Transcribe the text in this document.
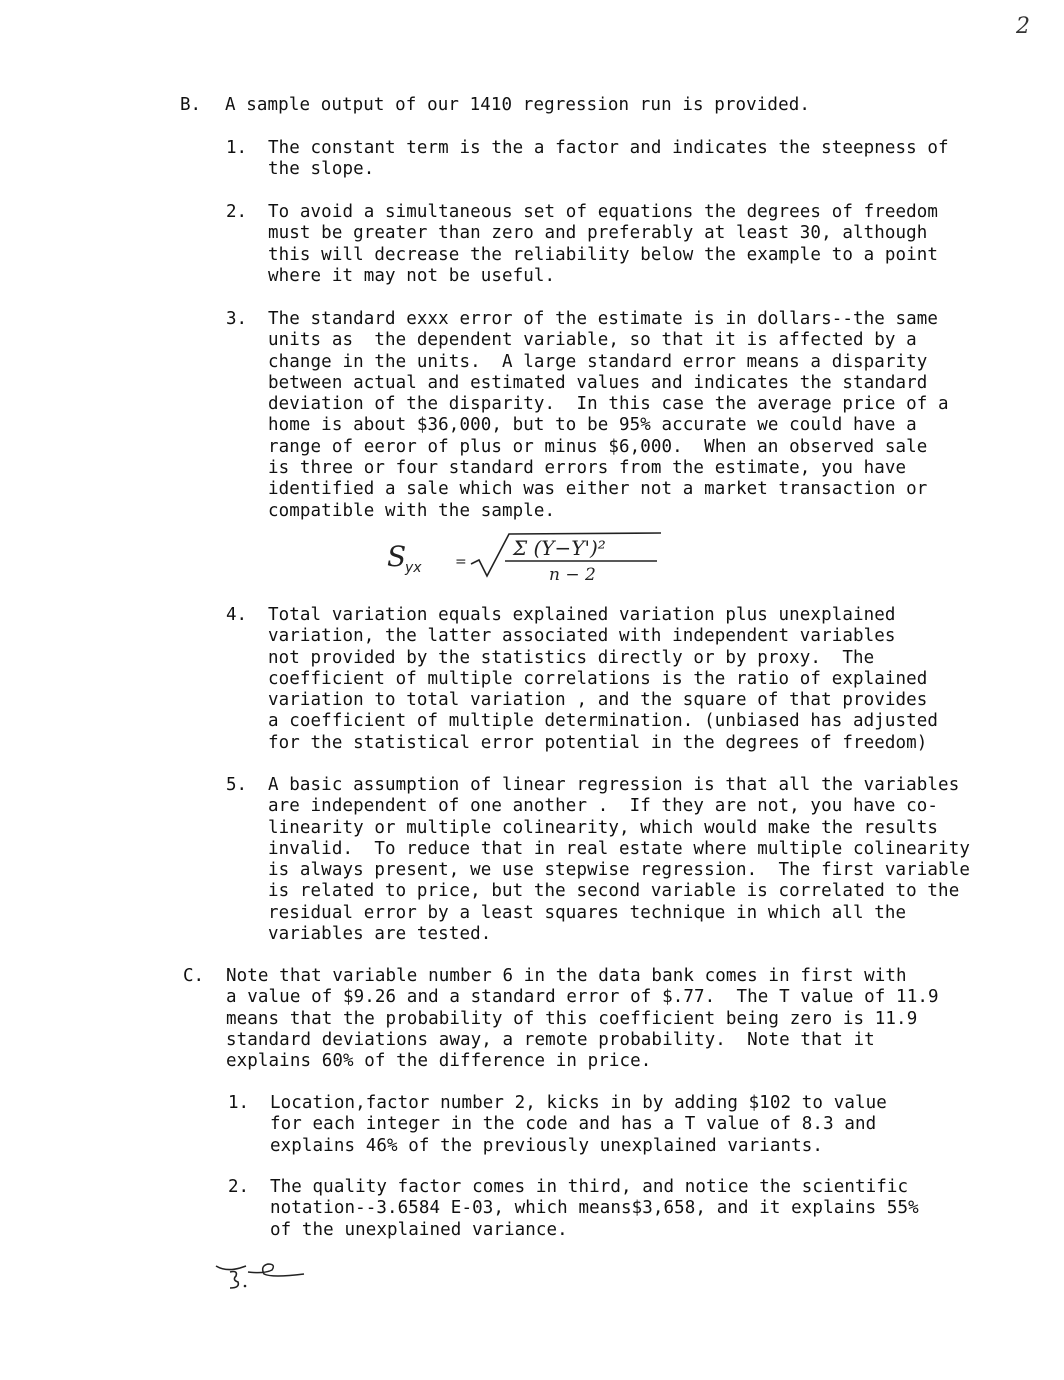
2
B. A sample output of our 1410 regression run is provided.
1. The constant term is the a factor and indicates the steepness of
the slope.
2. To avoid a simultaneous set of equations the degrees of freedom
must be greater than zero and preferably at least 30, although
this will decrease the reliability below the example to a point
where it may not be useful.
3. The standard exxx error of the estimate is in dollars--the same
units as  the dependent variable, so that it is affected by a
change in the units.  A large standard error means a disparity
between actual and estimated values and indicates the standard
deviation of the disparity.  In this case the average price of a
home is about $36,000, but to be 95% accurate we could have a
range of eeror of plus or minus $6,000.  When an observed sale
is three or four standard errors from the estimate, you have
identified a sale which was either not a market transaction or
compatible with the sample.
S
yx =
Σ (Y−Y')²
n − 2
4. Total variation equals explained variation plus unexplained
variation, the latter associated with independent variables
not provided by the statistics directly or by proxy.  The
coefficient of multiple correlations is the ratio of explained
variation to total variation , and the square of that provides
a coefficient of multiple determination. (unbiased has adjusted
for the statistical error potential in the degrees of freedom)
5. A basic assumption of linear regression is that all the variables
are independent of one another .  If they are not, you have co-
linearity or multiple colinearity, which would make the results
invalid.  To reduce that in real estate where multiple colinearity
is always present, we use stepwise regression.  The first variable
is related to price, but the second variable is correlated to the
residual error by a least squares technique in which all the
variables are tested.
C. Note that variable number 6 in the data bank comes in first with
a value of $9.26 and a standard error of $.77.  The T value of 11.9
means that the probability of this coefficient being zero is 11.9
standard deviations away, a remote probability.  Note that it
explains 60% of the difference in price.
1. Location,factor number 2, kicks in by adding $102 to value
for each integer in the code and has a T value of 8.3 and
explains 46% of the previously unexplained variants.
2. The quality factor comes in third, and notice the scientific
notation--3.6584 E-03, which means$3,658, and it explains 55%
of the unexplained variance.
